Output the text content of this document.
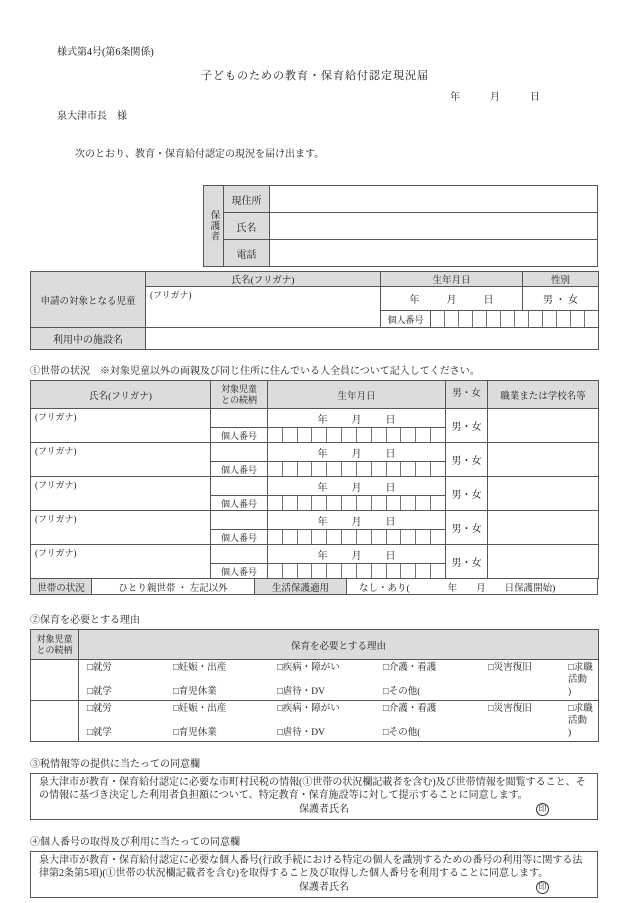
様式第4号(第6条関係)
子どものための教育・保育給付認定現況届
年　　　月　　　日
泉大津市長　様
次のとおり、教育・保育給付認定の現況を届け出ます。
保護者	現住所	
	氏名	
	電話	
申請の対象となる児童	氏名(フリガナ)	生年月日	性別
	(フリガナ)	年 月 日	男 ・ 女

個人番号	

利用中の施設名			
①世帯の状況　※対象児童以外の両親及び同じ住所に住んでいる人全員について記入してください。
氏名(フリガナ)	対象児童
との続柄	生年月日	男・女	職業または学校名等
(フリガナ)		年 月 日	男・女	
	個人番号			

(フリガナ)		年 月 日	男・女	
	個人番号			

(フリガナ)		年 月 日	男・女	
	個人番号			

(フリガナ)		年 月 日	男・女	
	個人番号			

(フリガナ)		年 月 日	男・女	
	個人番号			
世帯の状況	ひとり親世帯 ・ 左記以外	生活保護適用	なし・あり(　　　　年　　月　　日保護開始)
②保育を必要とする理由
対象児童
との続柄	保育を必要とする理由

□就労	□妊娠・出産	□疾病・障がい	□介護・看護	□災害復旧	□求職活動
□就学	□育児休業	□虐待・DV	□その他(	)

□就労	□妊娠・出産	□疾病・障がい	□介護・看護	□災害復旧	□求職活動
□就学	□育児休業	□虐待・DV	□その他(	)
③税情報等の提供に当たっての同意欄
泉大津市が教育・保育給付認定に必要な市町村民税の情報(①世帯の状況欄記載者を含む)及び世帯情報を閲覧すること、その情報に基づき決定した利用者負担額について、特定教育・保育施設等に対して提示することに同意します。
保護者氏名	印
④個人番号の取得及び利用に当たっての同意欄
泉大津市が教育・保育給付認定に必要な個人番号(行政手続における特定の個人を識別するための番号の利用等に関する法律第2条第5項)(①世帯の状況欄記載者を含む)を取得すること及び取得した個人番号を利用することに同意します。
保護者氏名	印
